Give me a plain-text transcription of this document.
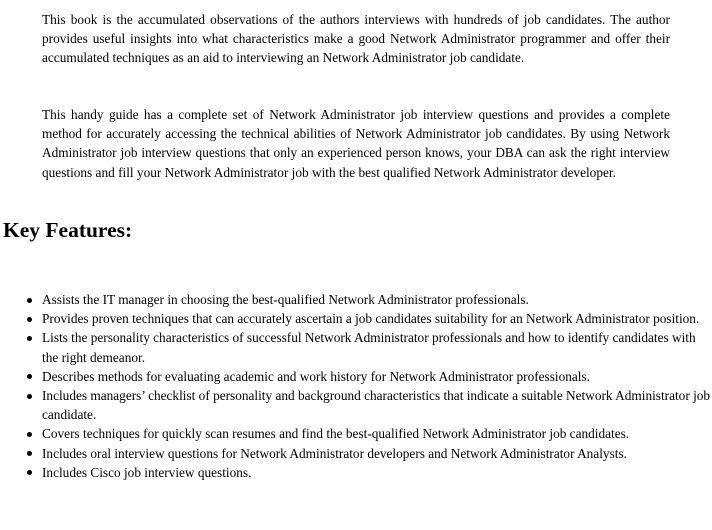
This book is the accumulated observations of the authors interviews with hundreds of job candidates. The author provides useful insights into what characteristics make a good Network Administrator programmer and offer their accumulated techniques as an aid to interviewing an Network Administrator job candidate.

This handy guide has a complete set of Network Administrator job interview questions and provides a complete method for accurately accessing the technical abilities of Network Administrator job candidates. By using Network Administrator job interview questions that only an experienced person knows, your DBA can ask the right interview questions and fill your Network Administrator job with the best qualified Network Administrator developer.

Key Features:
Assists the IT manager in choosing the best-qualified Network Administrator professionals.
Provides proven techniques that can accurately ascertain a job candidates suitability for an Network Administrator position.
Lists the personality characteristics of successful Network Administrator professionals and how to identify candidates with the right demeanor.
Describes methods for evaluating academic and work history for Network Administrator professionals.
Includes managers’ checklist of personality and background characteristics that indicate a suitable Network Administrator job candidate.
Covers techniques for quickly scan resumes and find the best-qualified Network Administrator job candidates.
Includes oral interview questions for Network Administrator developers and Network Administrator Analysts.
Includes Cisco job interview questions.
